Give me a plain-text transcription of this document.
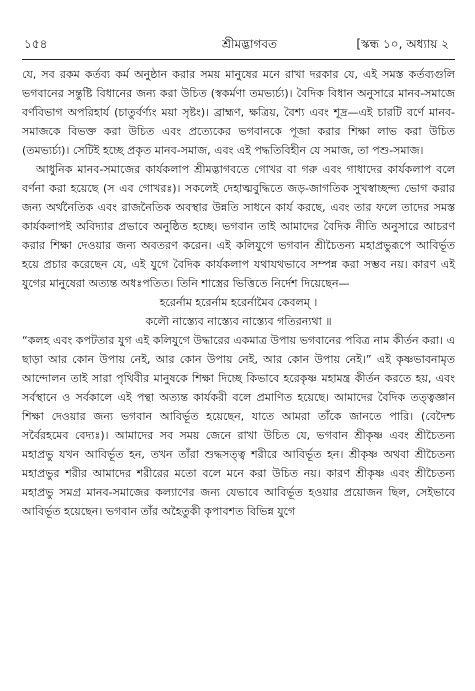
১৫৪	শ্রীমদ্ভাগবত	[স্কন্ধ ১০, অধ্যায় ২

যে, সব রকম কর্তব্য কর্ম অনুষ্ঠান করার সময় মানুষের মনে রাখা দরকার যে, এই সমস্ত কর্তব্যগুলি ভগবানের সন্তুষ্টি বিধানের জন্য করা উচিত (স্বকর্মণা তমভ্যর্চ্য)। বৈদিক বিধান অনুসারে মানব-সমাজে বর্ণবিভাগ অপরিহার্য (চাতুর্বর্ণ্যং ময়া সৃষ্টং)। ব্রাহ্মণ, ক্ষত্রিয়, বৈশ্য এবং শূদ্র—এই চারটি বর্ণে মানব-সমাজকে বিভক্ত করা উচিত এবং প্রত্যেকের ভগবানকে পূজা করার শিক্ষা লাভ করা উচিত (তমভ্যর্চ্য)। সেটিই হচ্ছে প্রকৃত মানব-সমাজ, এবং এই পদ্ধতিবিহীন যে সমাজ, তা পশু-সমাজ।

আধুনিক মানব-সমাজের কার্যকলাপ শ্রীমদ্ভাগবতে গোখর বা গরু এবং গাধাদের কার্যকলাপ বলে বর্ণনা করা হয়েছে (স এব গোখরঃ)। সকলেই দেহাত্মবুদ্ধিতে জড়-জাগতিক সুখস্বাচ্ছন্দ্য ভোগ করার জন্য অর্থনৈতিক এবং রাজনৈতিক অবস্থার উন্নতি সাধনে কার্য করছে, এবং তার ফলে তাদের সমস্ত কার্যকলাপই অবিদ্যার প্রভাবে অনুষ্ঠিত হচ্ছে। ভগবান তাই আমাদের বৈদিক নীতি অনুসারে আচরণ করার শিক্ষা দেওয়ার জন্য অবতরণ করেন। এই কলিযুগে ভগবান শ্রীচৈতন্য মহাপ্রভুরূপে আবির্ভূত হয়ে প্রচার করেছেন যে, এই যুগে বৈদিক কার্যকলাপ যথাযথভাবে সম্পন্ন করা সম্ভব নয়। কারণ এই যুগের মানুষেরা অত্যন্ত অধঃপতিত। তিনি শাস্ত্রের ভিত্তিতে নির্দেশ দিয়েছেন—

হরের্নাম হরের্নাম হরের্নামৈব কেবলম্ ।

কলৌ নাস্ত্যেব নাস্ত্যেব নাস্ত্যেব গতিরন্যথা ॥

“কলহ এবং কপটতার যুগ এই কলিযুগে উদ্ধারের একমাত্র উপায় ভগবানের পবিত্র নাম কীর্তন করা। এ ছাড়া আর কোন উপায় নেই, আর কোন উপায় নেই, আর কোন উপায় নেই।” এই কৃষ্ণভাবনামৃত আন্দোলন তাই সারা পৃথিবীর মানুষকে শিক্ষা দিচ্ছে কিভাবে হরেকৃষ্ণ মহামন্ত্র কীর্তন করতে হয়, এবং সর্বস্থানে ও সর্বকালে এই পন্থা অত্যন্ত কার্যকরী বলে প্রমাণিত হয়েছে। আমাদের বৈদিক তত্ত্বজ্ঞান শিক্ষা দেওয়ার জন্য ভগবান আবির্ভূত হয়েছেন, যাতে আমরা তাঁকে জানতে পারি। (বেদৈশ্চ সর্বৈরহমেব বেদ্যঃ)। আমাদের সব সময় জেনে রাখা উচিত যে, ভগবান শ্রীকৃষ্ণ এবং শ্রীচৈতন্য মহাপ্রভু যখন আবির্ভূত হন, তখন তাঁরা শুদ্ধসত্ত্ব শরীরে আবির্ভূত হন। শ্রীকৃষ্ণ অথবা শ্রীচৈতন্য মহাপ্রভুর শরীর আমাদের শরীরের মতো বলে মনে করা উচিত নয়। কারণ শ্রীকৃষ্ণ এবং শ্রীচৈতন্য মহাপ্রভু সমগ্র মানব-সমাজের কল্যাণের জন্য যেভাবে আবির্ভূত হওয়ার প্রয়োজন ছিল, সেইভাবে আবির্ভূত হয়েছেন। ভগবান তাঁর অহৈতুকী কৃপাবশত বিভিন্ন যুগে
